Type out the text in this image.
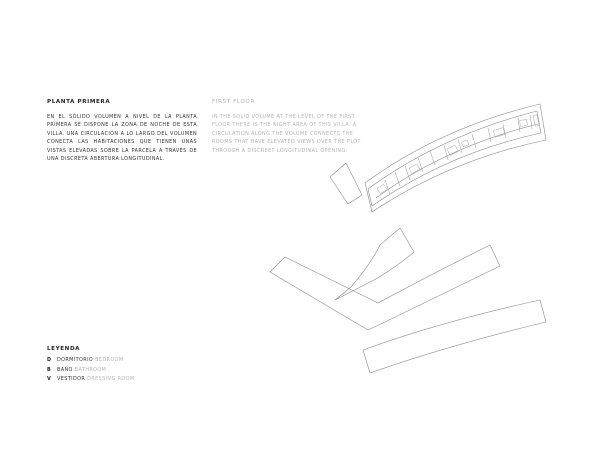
PLANTA PRIMERA

EN EL SÓLIDO VOLUMEN A NIVEL DE LA PLANTA PRIMERA SE DISPONE LA ZONA DE NOCHE DE ESTA VILLA. UNA CIRCULACIÓN A LO LARGO DEL VOLUMEN CONECTA LAS HABITACIONES QUE TIENEN UNAS VISTAS ELEVADAS SOBRE LA PARCELA A TRAVÉS DE UNA DISCRETA ABERTURA LONGITUDINAL.

FIRST FLOOR

IN THE SOLID VOLUME AT THE LEVEL OF THE FIRST FLOOR THERE IS THE NIGHT AREA OF THIS VILLA. A CIRCULATION ALONG THE VOLUME CONNECTS THE ROOMS THAT HAVE ELEVATED VIEWS OVER THE PLOT THROUGH A DISCREET LONGITUDINAL OPENING.

LEYENDA

D DORMITORIO BEDROOM
B BAÑO BATHROOM
V VESTIDOR DRESSING ROOM
